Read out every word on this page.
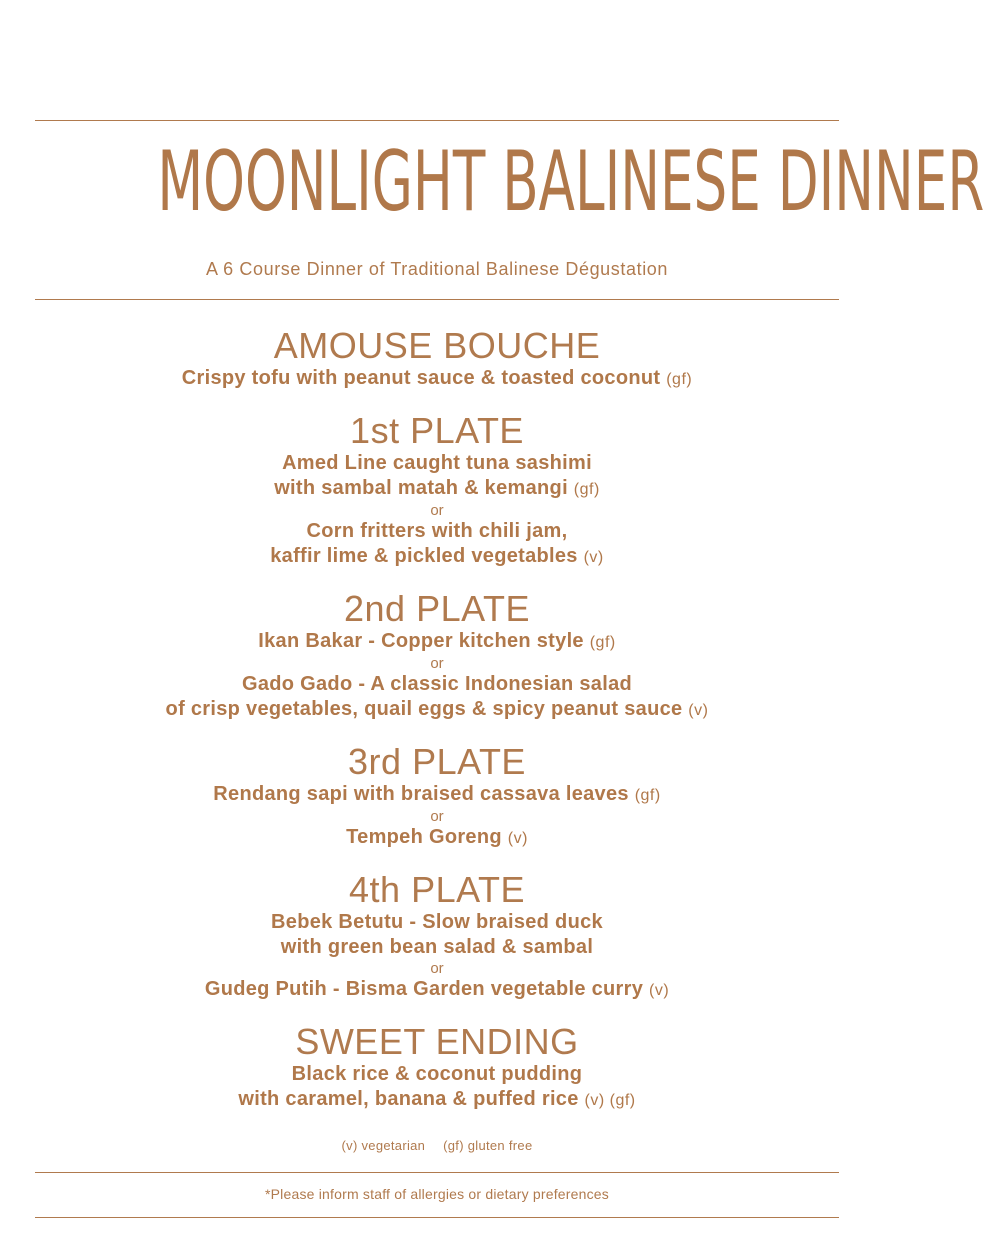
MOONLIGHT BALINESE DINNER
A 6 Course Dinner of Traditional Balinese Dégustation
AMOUSE BOUCHE
Crispy tofu with peanut sauce & toasted coconut (gf)
1st PLATE
Amed Line caught tuna sashimi
with sambal matah & kemangi (gf)
or
Corn fritters with chili jam,
kaffir lime & pickled vegetables (v)
2nd PLATE
Ikan Bakar - Copper kitchen style (gf)
or
Gado Gado - A classic Indonesian salad
of crisp vegetables, quail eggs & spicy peanut sauce (v)
3rd PLATE
Rendang sapi with braised cassava leaves (gf)
or
Tempeh Goreng (v)
4th PLATE
Bebek Betutu - Slow braised duck
with green bean salad & sambal
or
Gudeg Putih - Bisma Garden vegetable curry (v)
SWEET ENDING
Black rice & coconut pudding
with caramel, banana & puffed rice (v) (gf)
(v) vegetarian (gf) gluten free
*Please inform staff of allergies or dietary preferences
